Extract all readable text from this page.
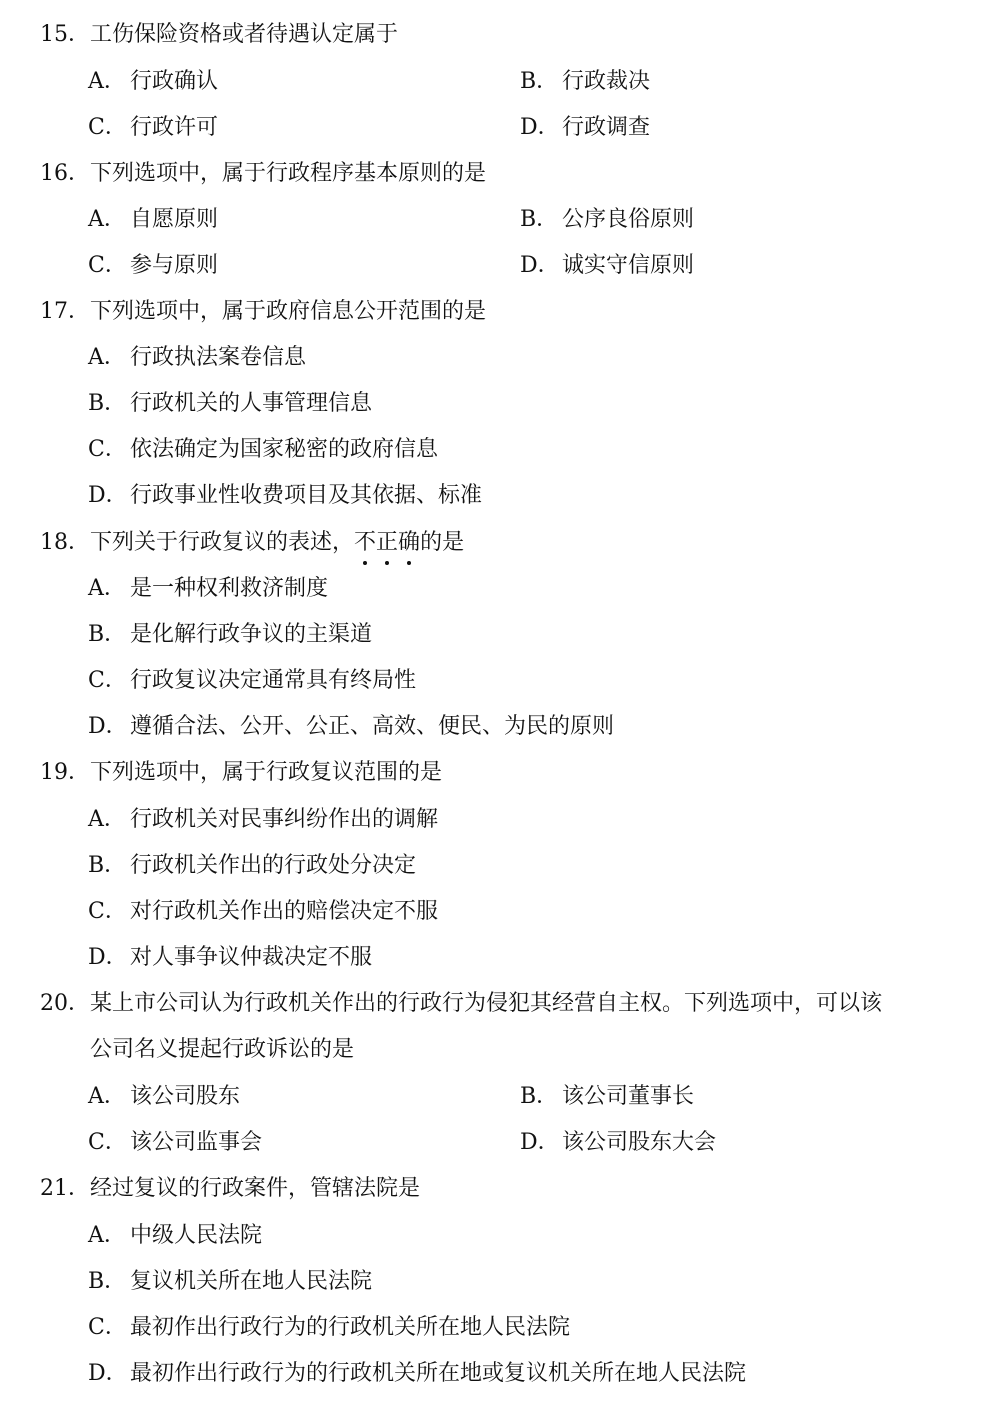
15．工伤保险资格或者待遇认定属于
A． 行政确认	B． 行政裁决
C． 行政许可	D． 行政调查
16．下列选项中，属于行政程序基本原则的是
A． 自愿原则	B． 公序良俗原则
C． 参与原则	D． 诚实守信原则
17．下列选项中，属于政府信息公开范围的是
A． 行政执法案卷信息
B． 行政机关的人事管理信息
C． 依法确定为国家秘密的政府信息
D． 行政事业性收费项目及其依据、标准
18．下列关于行政复议的表述，不
正
确
的是
A． 是一种权利救济制度
B． 是化解行政争议的主渠道
C． 行政复议决定通常具有终局性
D． 遵循合法、公开、公正、高效、便民、为民的原则
19．下列选项中，属于行政复议范围的是
A． 行政机关对民事纠纷作出的调解
B． 行政机关作出的行政处分决定
C． 对行政机关作出的赔偿决定不服
D． 对人事争议仲裁决定不服
20．某上市公司认为行政机关作出的行政行为侵犯其经营自主权。下列选项中，可以该
公司名义提起行政诉讼的是
A． 该公司股东	B． 该公司董事长
C． 该公司监事会	D． 该公司股东大会
21．经过复议的行政案件，管辖法院是
A． 中级人民法院
B． 复议机关所在地人民法院
C． 最初作出行政行为的行政机关所在地人民法院
D． 最初作出行政行为的行政机关所在地或复议机关所在地人民法院
